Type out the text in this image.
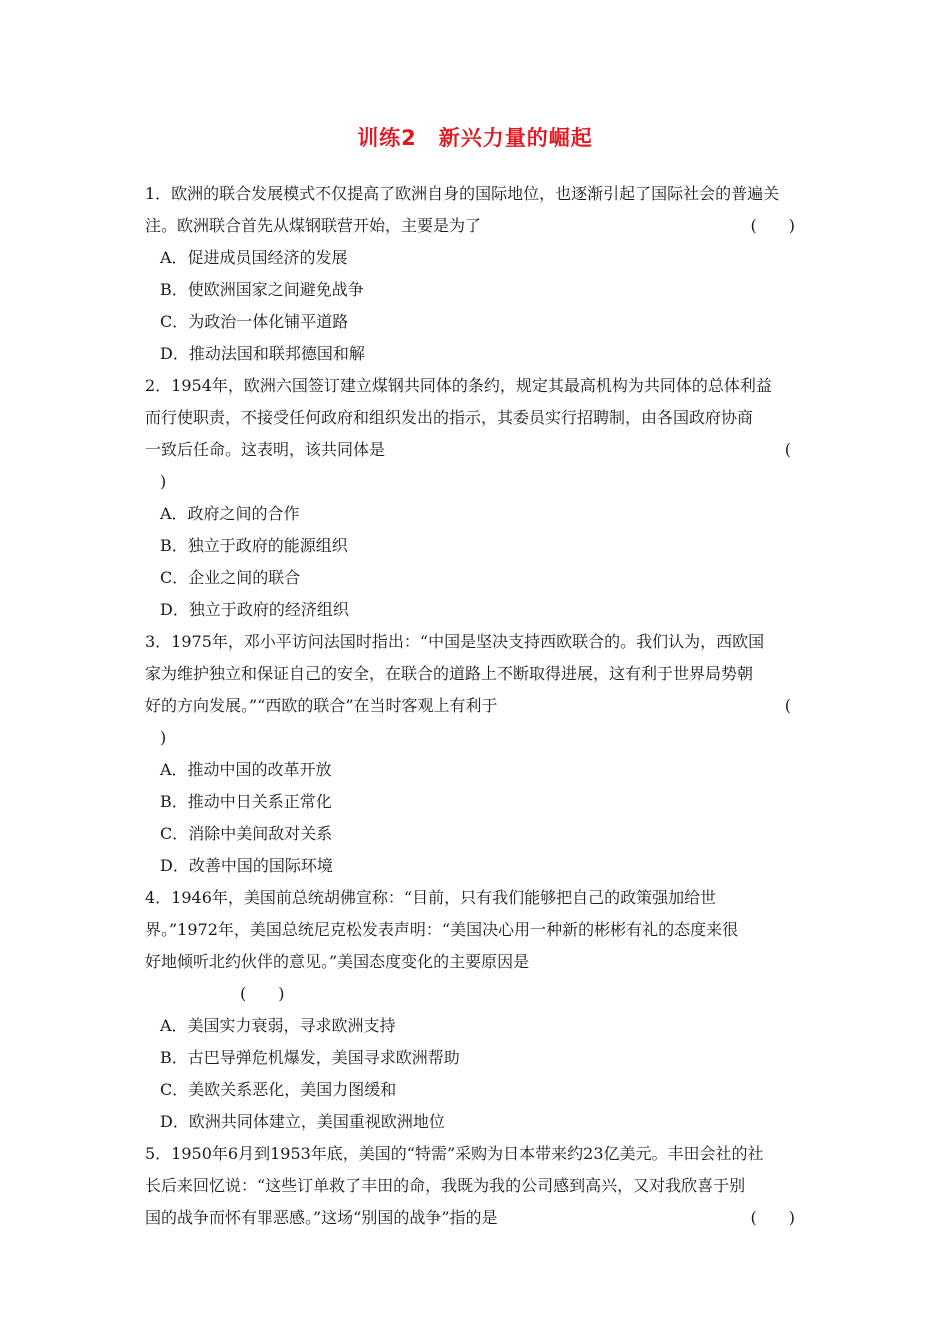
训练2　新兴力量的崛起
1．欧洲的联合发展模式不仅提高了欧洲自身的国际地位，也逐渐引起了国际社会的普遍关
注。欧洲联合首先从煤钢联营开始，主要是为了	(　　)
A．促进成员国经济的发展
B．使欧洲国家之间避免战争
C．为政治一体化铺平道路
D．推动法国和联邦德国和解
2．1954年，欧洲六国签订建立煤钢共同体的条约，规定其最高机构为共同体的总体利益
而行使职责，不接受任何政府和组织发出的指示，其委员实行招聘制，由各国政府协商
一致后任命。这表明，该共同体是	(
)
A．政府之间的合作
B．独立于政府的能源组织
C．企业之间的联合
D．独立于政府的经济组织
3．1975年，邓小平访问法国时指出：“中国是坚决支持西欧联合的。我们认为，西欧国
家为维护独立和保证自己的安全，在联合的道路上不断取得进展，这有利于世界局势朝
好的方向发展。”“西欧的联合”在当时客观上有利于	(
)
A．推动中国的改革开放
B．推动中日关系正常化
C．消除中美间敌对关系
D．改善中国的国际环境
4．1946年，美国前总统胡佛宣称：“目前，只有我们能够把自己的政策强加给世
界。”1972年，美国总统尼克松发表声明：“美国决心用一种新的彬彬有礼的态度来很
好地倾听北约伙伴的意见。”美国态度变化的主要原因是
(　　)
A．美国实力衰弱，寻求欧洲支持
B．古巴导弹危机爆发，美国寻求欧洲帮助
C．美欧关系恶化，美国力图缓和
D．欧洲共同体建立，美国重视欧洲地位
5．1950年6月到1953年底，美国的“特需”采购为日本带来约23亿美元。丰田会社的社
长后来回忆说：“这些订单救了丰田的命，我既为我的公司感到高兴，又对我欣喜于别
国的战争而怀有罪恶感。”这场“别国的战争”指的是	(　　)
